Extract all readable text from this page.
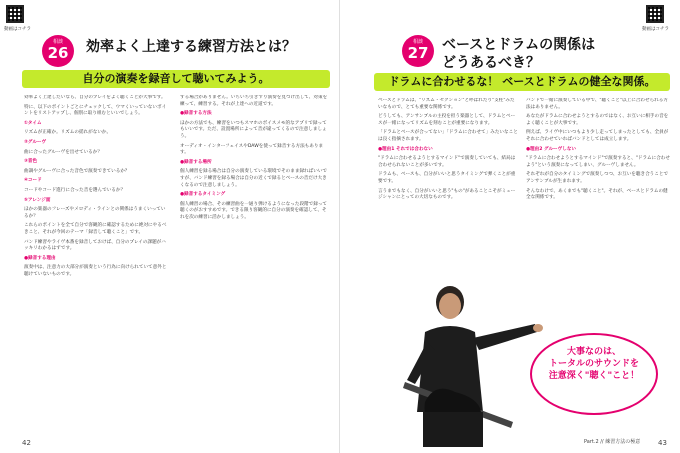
動画はコチラ
相談
26	効率よく上達する練習方法とは？
自分の演奏を録音して聴いてみよう。

効率よく上達したいなら、自分のプレイをよく聴くことが大事です。

特に、以下のポイントごとにチェックして、ウマくいっていないポイントをリストアップし、個別に取り組むといいでしょう。

①タイム

リズムが正確か。リズムの揺れがないか。

②グルーヴ

曲に合ったグルーヴを出せているか？

③音色

曲調やグルーヴに合った音色で演奏できているか？

④コード

コードやコード進行に合った音を選んでいるか？

⑤アレンジ面

ほかの楽器のフレーズやメロディ・ラインとの関係はうまくいっているか？

これらのポイントを全て自分で客観的に確認するために絶対にやるべきこと、それが今回のテーマ「録音して聴くこと」です。

バンド練習やライヴ本番を録音しておけば、自分のプレイの課題がハッキリわかるはずです。

●録音する理由

演奏中は、注意力の大部分が演奏という行為に向けられていて意外と聴けていないものです。

する場合がありません。いちいち引きずり演奏を見つけ出して、対策を練って、練習する。それが上達への近道です。

●録音する方法

ほかの方法でも、練習をいつもスマホのボイスメモ的なアプリで録ってもいいです。ただ、設置場所によって音が違ってくるので注意しましょう。

オーディオ・インターフェイスやDAWを使って録音する方法もあります。

●録音する場所

個人練習を録る場合は自分の演奏している環境でそのまま録ればいいですが、バンド練習を録る場合は自分の近くで録るとベースの音だけ大きくなるので注意しましょう。

●録音するタイミング

個人練習の場合、その練習曲を一通り弾けるようになった段階で録って聴くのがおすすめです。できる限り客観的に自分の演奏を確認して、それを次の練習に活かしましょう。

42
動画はコチラ
相談
27 ベースとドラムの関係は
どうあるべき？
ドラムに合わせるな！ ベースとドラムの健全な関係。

ベースとドラムは、"リズム・セクション"と呼ばれたり"支柱"みたいなもので、とても重要な関係です。

どうしても、アンサンブルの主役を担う楽器として、ドラムとベースが一緒になってリズムを刻むことが重要になります。

「ドラムとベースが合ってない」「ドラムに合わせて」みたいなことは良く指摘されます。

●理由1 それでは合わない

"ドラムに合わせるようとするマインド"で演奏していても、結局は合わせられないことが多いです。

ドラムも、ベースも、自分がいいと思うタイミングで弾くことが重要です。

言うまでもなく、自分がいいと思う"もの"があることこそがミュージシャンにとっての大切なものです。

バンドで一緒に演奏している中で、"聴くこと"以上に合わせられる方法はありません。

あなたがドラムに合わせようとするのではなく、お互いに相手の音をよく聴くことが大事です。

例えば、ライヴ中にいつもより少し走ってしまったとしても、全員がそれに合わせていればバンドとしては成立します。

●理由2 グルーヴしない

"ドラムに合わせようとするマインド"で演奏すると、"ドラムに合わせよう"という演奏になってしまい、グルーヴしません。

それぞれが自分のタイミングで演奏しつつ、お互いを聴き合うことでアンサンブルが生まれます。

そんなわけで、あくまでも"聴くこと"。それが、ベースとドラムの健全な関係です。

Part.2 // 練習方法の極意	43
大事なのは、
トータルのサウンドを
注意深く"聴く"こと！
